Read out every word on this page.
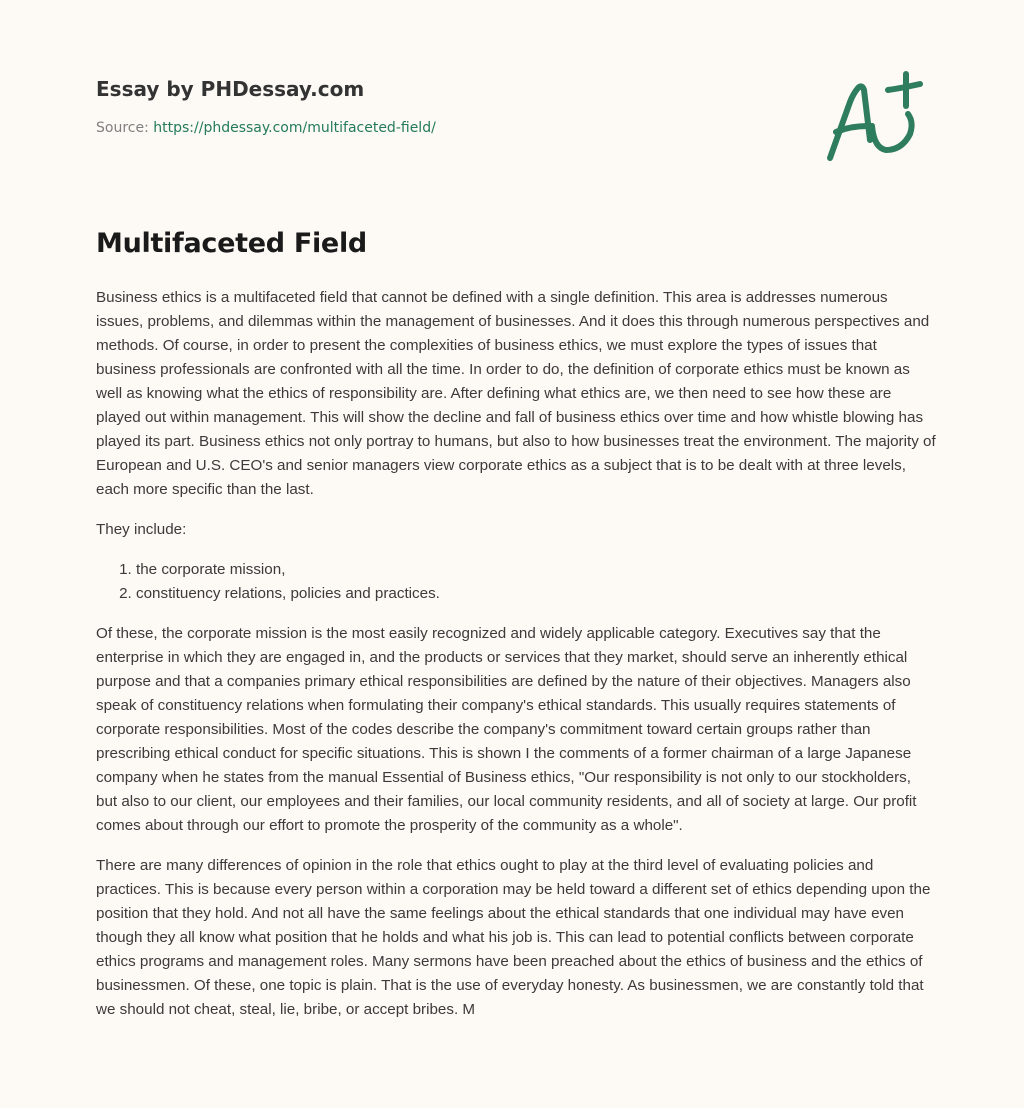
Essay by PHDessay.com
Source: https://phdessay.com/multifaceted-field/
Multifaceted Field

Business ethics is a multifaceted field that cannot be defined with a single definition. This area is addresses numerous issues, problems, and dilemmas within the management of businesses. And it does this through numerous perspectives and methods. Of course, in order to present the complexities of business ethics, we must explore the types of issues that business professionals are confronted with all the time. In order to do, the definition of corporate ethics must be known as well as knowing what the ethics of responsibility are. After defining what ethics are, we then need to see how these are played out within management. This will show the decline and fall of business ethics over time and how whistle blowing has played its part. Business ethics not only portray to humans, but also to how businesses treat the environment. The majority of European and U.S. CEO's and senior managers view corporate ethics as a subject that is to be dealt with at three levels, each more specific than the last.

They include:

1. the corporate mission,
2. constituency relations, policies and practices.

Of these, the corporate mission is the most easily recognized and widely applicable category. Executives say that the enterprise in which they are engaged in, and the products or services that they market, should serve an inherently ethical purpose and that a companies primary ethical responsibilities are defined by the nature of their objectives. Managers also speak of constituency relations when formulating their company's ethical standards. This usually requires statements of corporate responsibilities. Most of the codes describe the company's commitment toward certain groups rather than prescribing ethical conduct for specific situations. This is shown I the comments of a former chairman of a large Japanese company when he states from the manual Essential of Business ethics, "Our responsibility is not only to our stockholders, but also to our client, our employees and their families, our local community residents, and all of society at large. Our profit comes about through our effort to promote the prosperity of the community as a whole".

There are many differences of opinion in the role that ethics ought to play at the third level of evaluating policies and practices. This is because every person within a corporation may be held toward a different set of ethics depending upon the position that they hold. And not all have the same feelings about the ethical standards that one individual may have even though they all know what position that he holds and what his job is. This can lead to potential conflicts between corporate ethics programs and management roles. Many sermons have been preached about the ethics of business and the ethics of businessmen. Of these, one topic is plain. That is the use of everyday honesty. As businessmen, we are constantly told that we should not cheat, steal, lie, bribe, or accept bribes. M
